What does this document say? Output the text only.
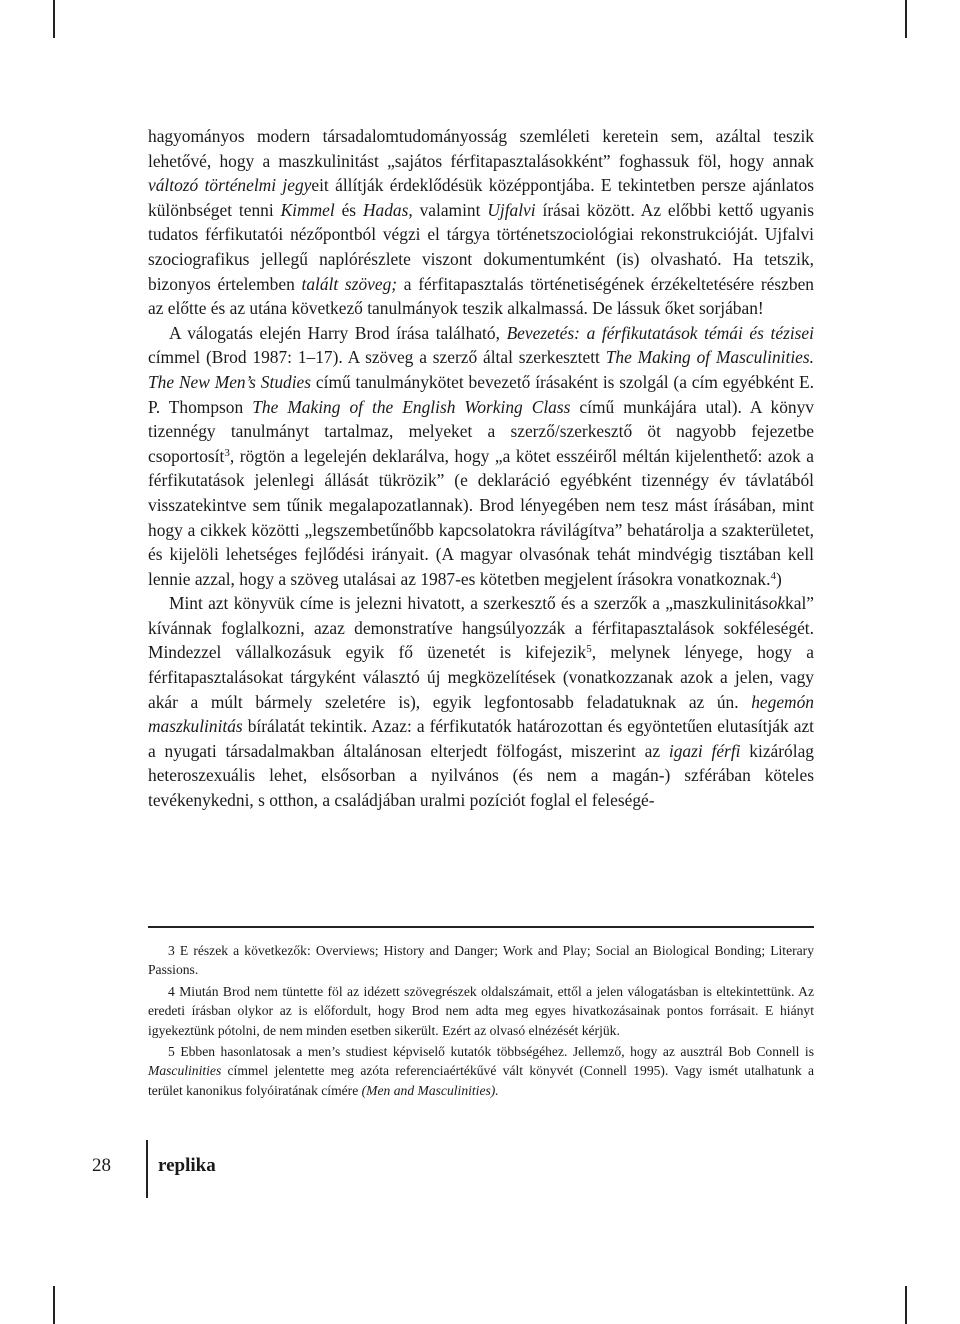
hagyományos modern társadalomtudományosság szemléleti keretein sem, azáltal teszik lehetővé, hogy a maszkulinitást „sajátos férfitapasztalásokként” foghassuk föl, hogy annak változó történelmi jegyeit állítják érdeklődésük középpontjába. E tekintetben persze ajánlatos különbséget tenni Kimmel és Hadas, valamint Ujfalvi írásai között. Az előbbi kettő ugyanis tudatos férfikutatói nézőpontból végzi el tárgya történetszociológiai rekonstrukcióját. Ujfalvi szociografikus jellegű naplórészlete viszont dokumentumként (is) olvasható. Ha tetszik, bizonyos értelemben talált szöveg; a férfitapasztalás történetiségének érzékeltetésére részben az előtte és az utána következő tanulmányok teszik alkalmassá. De lássuk őket sorjában!

A válogatás elején Harry Brod írása található, Bevezetés: a férfikutatások témái és tézisei címmel (Brod 1987: 1–17). A szöveg a szerző által szerkesztett The Making of Masculinities. The New Men’s Studies című tanulmánykötet bevezető írásaként is szolgál (a cím egyébként E. P. Thompson The Making of the English Working Class című munkájára utal). A könyv tizennégy tanulmányt tartalmaz, melyeket a szerző/szerkesztő öt nagyobb fejezetbe csoportosít$^3$, rögtön a legelején deklarálva, hogy „a kötet esszéiről méltán kijelenthető: azok a férfikutatások jelenlegi állását tükrözik” (e deklaráció egyébként tizennégy év távlatából visszatekintve sem tűnik megalapozatlannak). Brod lényegében nem tesz mást írásában, mint hogy a cikkek közötti „legszembetűnőbb kapcsolatokra rávilágítva” behatárolja a szakterületet, és kijelöli lehetséges fejlődési irányait. (A magyar olvasónak tehát mindvégig tisztában kell lennie azzal, hogy a szöveg utalásai az 1987-es kötetben megjelent írásokra vonatkoznak.$^4$)

Mint azt könyvük címe is jelezni hivatott, a szerkesztő és a szerzők a „maszkulinitásokkal” kívánnak foglalkozni, azaz demonstratíve hangsúlyozzák a férfitapasztalások sokféleségét. Mindezzel vállalkozásuk egyik fő üzenetét is kifejezik$^5$, melynek lényege, hogy a férfitapasztalásokat tárgyként választó új megközelítések (vonatkozzanak azok a jelen, vagy akár a múlt bármely szeletére is), egyik legfontosabb feladatuknak az ún. hegemón maszkulinitás bírálatát tekintik. Azaz: a férfikutatók határozottan és egyöntetűen elutasítják azt a nyugati társadalmakban általánosan elterjedt fölfogást, miszerint az igazi férfi kizárólag heteroszexuális lehet, elsősorban a nyilvános (és nem a magán-) szférában köteles tevékenykedni, s otthon, a családjában uralmi pozíciót foglal el feleségé-

3 E részek a következők: Overviews; History and Danger; Work and Play; Social an Biological Bonding; Literary Passions.

4 Miután Brod nem tüntette föl az idézett szövegrészek oldalszámait, ettől a jelen válogatásban is eltekintettünk. Az eredeti írásban olykor az is előfordult, hogy Brod nem adta meg egyes hivatkozásainak pontos forrásait. E hiányt igyekeztünk pótolni, de nem minden esetben sikerült. Ezért az olvasó elnézését kérjük.

5 Ebben hasonlatosak a men’s studiest képviselő kutatók többségéhez. Jellemző, hogy az ausztrál Bob Connell is Masculinities címmel jelentette meg azóta referenciaértékűvé vált könyvét (Connell 1995). Vagy ismét utalhatunk a terület kanonikus folyóiratának címére (Men and Masculinities).

28 replika
